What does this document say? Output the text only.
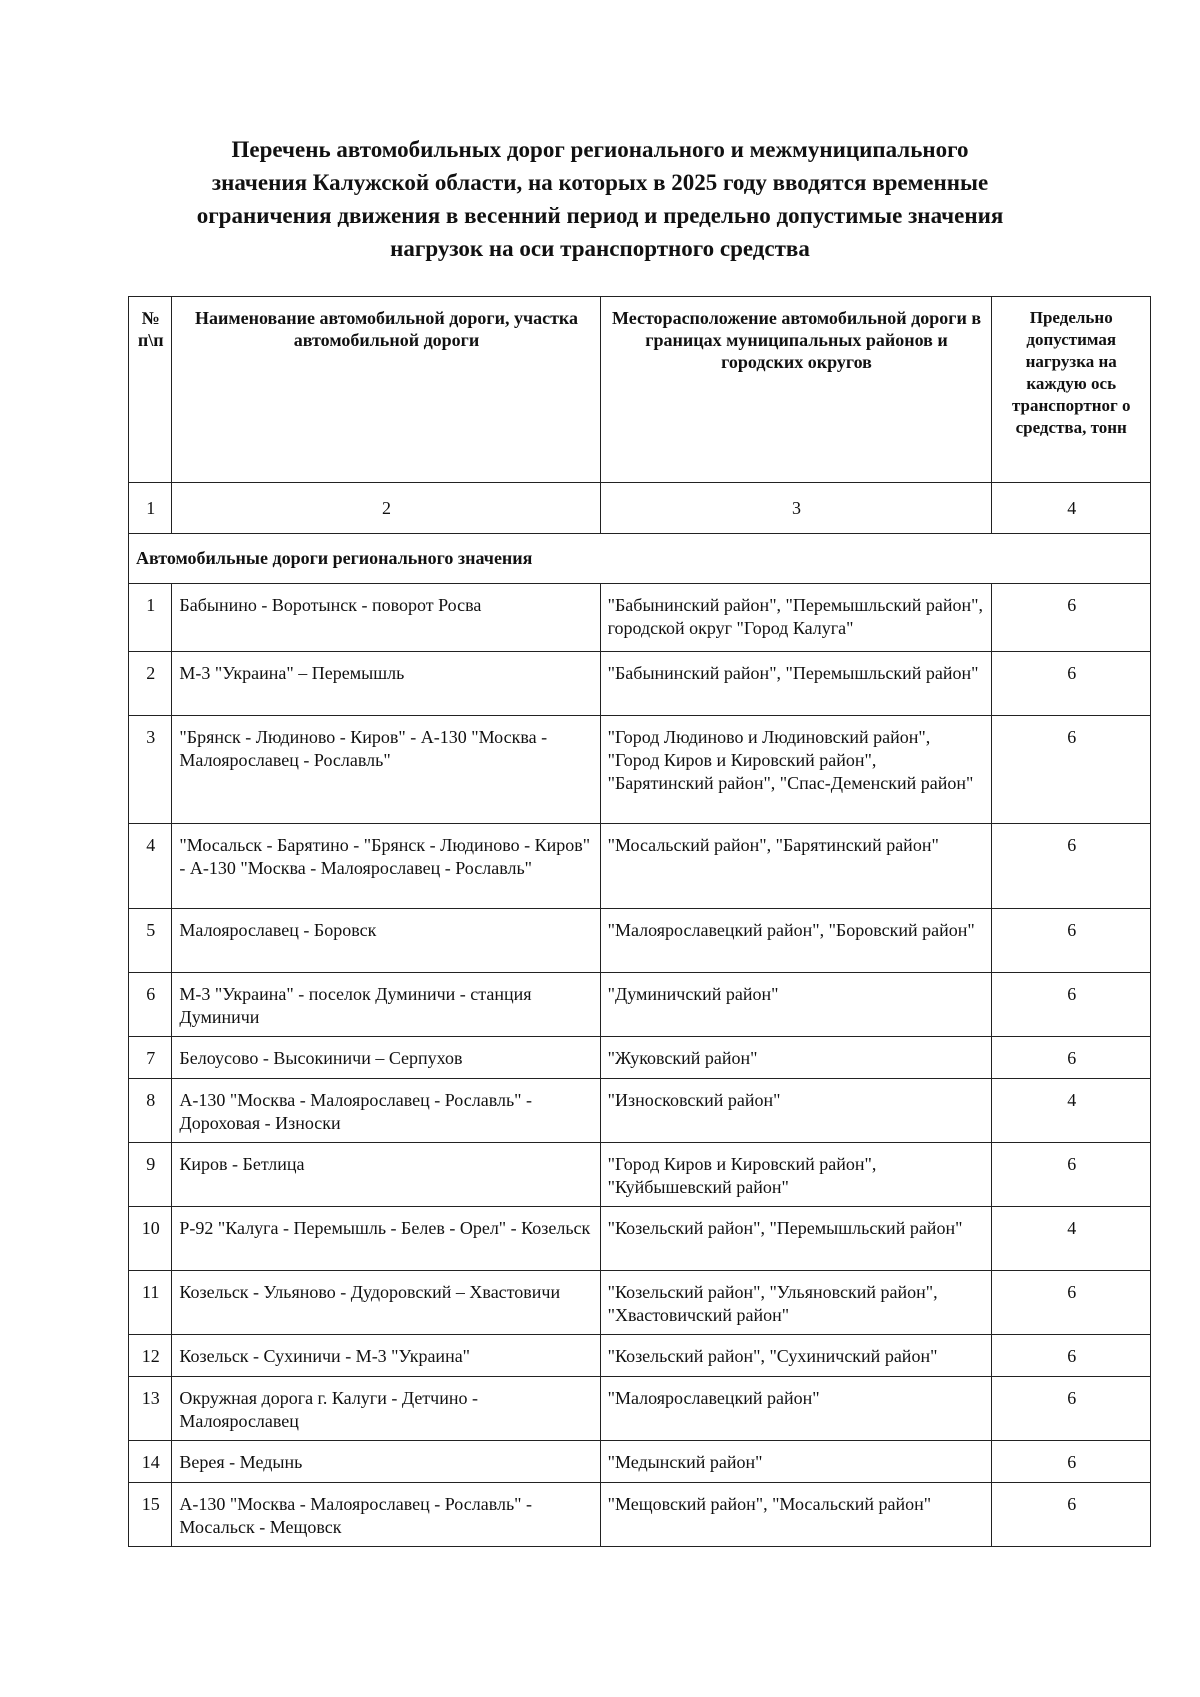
Перечень автомобильных дорог регионального и межмуниципального
значения Калужской области, на которых в 2025 году вводятся временные
ограничения движения в весенний период и предельно допустимые значения
нагрузок на оси транспортного средства
№ п\п	Наименование автомобильной дороги, участка автомобильной дороги	Месторасположение автомобильной дороги в границах муниципальных районов и городских округов	Предельно допустимая нагрузка на каждую ось транспортног о средства, тонн
1	2	3	4
Автомобильные дороги регионального значения			
1	Бабынино - Воротынск - поворот Росва	"Бабынинский район", "Перемышльский район", городской округ "Город Калуга"	6
2	М-3 "Украина" – Перемышль	"Бабынинский район", "Перемышльский район"	6
3	"Брянск - Людиново - Киров" - А-130 "Москва - Малоярославец - Рославль"	"Город Людиново и Людиновский район", "Город Киров и Кировский район", "Барятинский район", "Спас-Деменский район"	6
4	"Мосальск - Барятино - "Брянск - Людиново - Киров" - А-130 "Москва - Малоярославец - Рославль"	"Мосальский район", "Барятинский район"	6
5	Малоярославец - Боровск	"Малоярославецкий район", "Боровский район"	6
6	М-3 "Украина" - поселок Думиничи - станция Думиничи	"Думиничский район"	6
7	Белоусово - Высокиничи – Серпухов	"Жуковский район"	6
8	А-130 "Москва - Малоярославец - Рославль" - Дороховая - Износки	"Износковский район"	4
9	Киров - Бетлица	"Город Киров и Кировский район", "Куйбышевский район"	6
10	Р-92 "Калуга - Перемышль - Белев - Орел" - Козельск	"Козельский район", "Перемышльский район"	4
11	Козельск - Ульяново - Дудоровский – Хвастовичи	"Козельский район", "Ульяновский район", "Хвастовичский район"	6
12	Козельск - Сухиничи - М-3 "Украина"	"Козельский район", "Сухиничский район"	6
13	Окружная дорога г. Калуги - Детчино - Малоярославец	"Малоярославецкий район"	6
14	Верея - Медынь	"Медынский район"	6
15	А-130 "Москва - Малоярославец - Рославль" - Мосальск - Мещовск	"Мещовский район", "Мосальский район"	6
